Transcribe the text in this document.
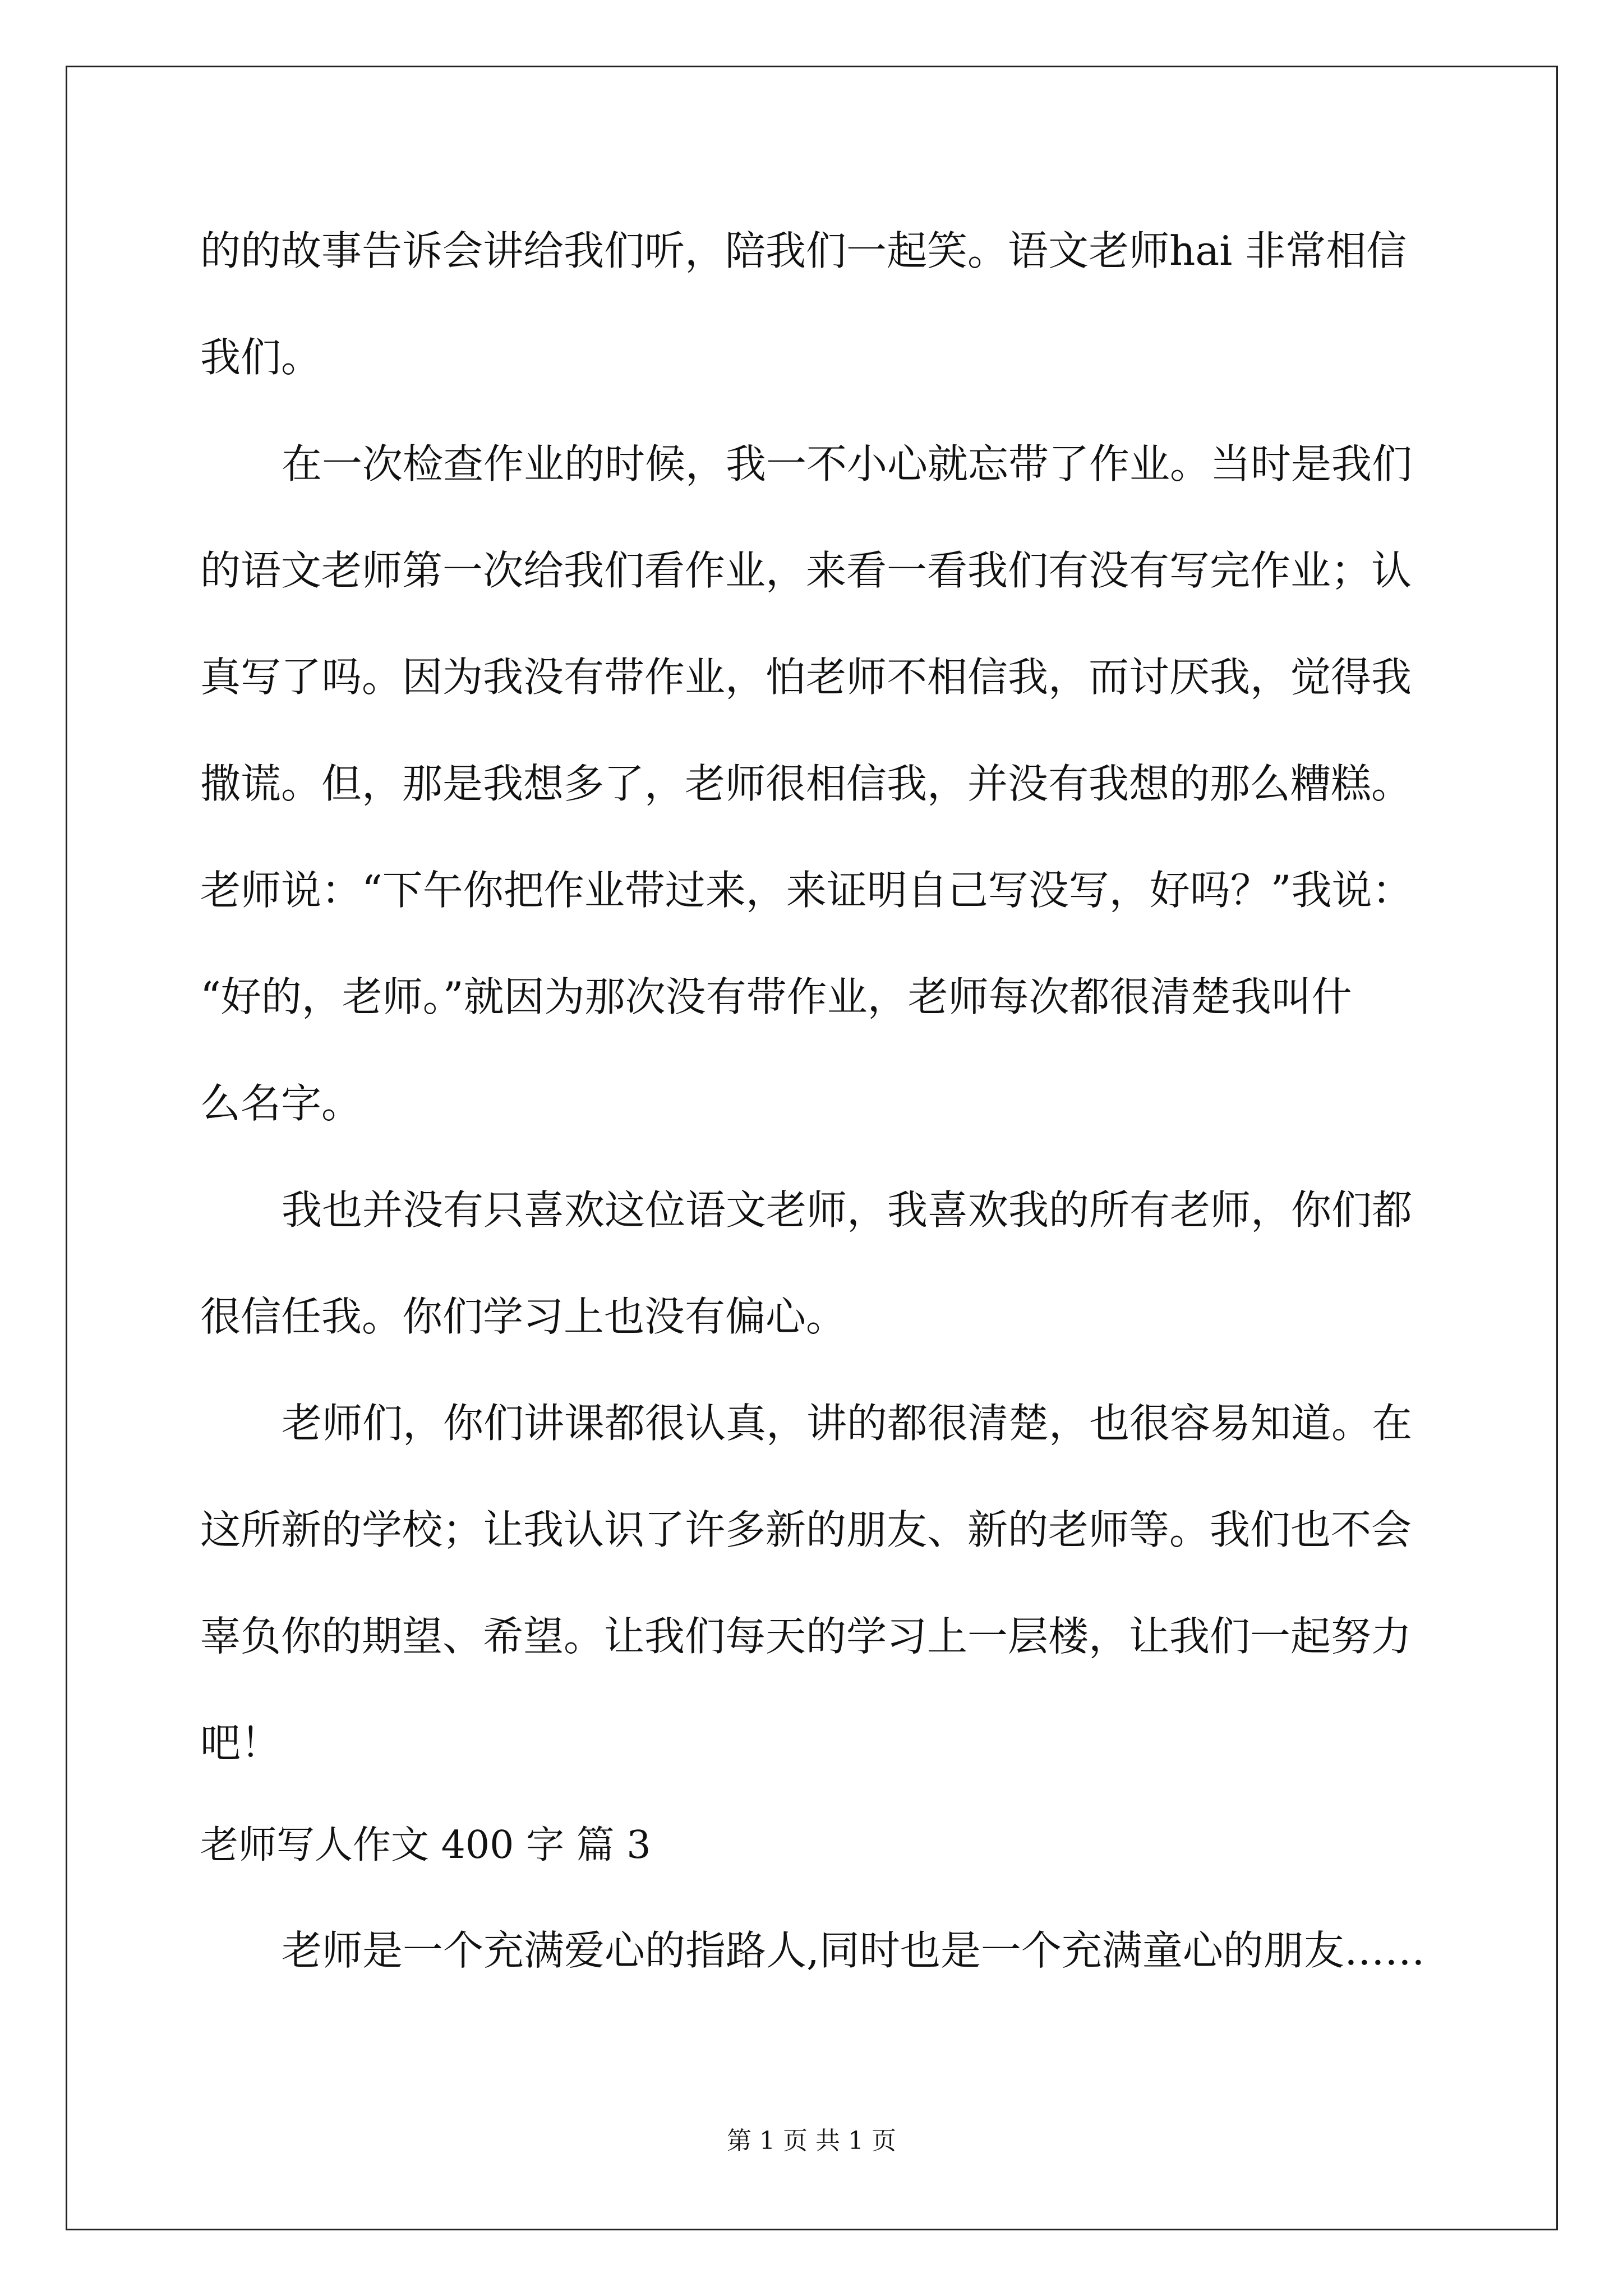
的的故事告诉会讲给我们听，陪我们一起笑。语文老师hai 非常相信
我们。
在一次检查作业的时候，我一不小心就忘带了作业。当时是我们
的语文老师第一次给我们看作业，来看一看我们有没有写完作业；认
真写了吗。因为我没有带作业，怕老师不相信我，而讨厌我，觉得我
撒谎。但，那是我想多了，老师很相信我，并没有我想的那么糟糕。
老师说：“下午你把作业带过来，来证明自己写没写，好吗？”我说：
“好的，老师。”就因为那次没有带作业，老师每次都很清楚我叫什
么名字。
我也并没有只喜欢这位语文老师，我喜欢我的所有老师，你们都
很信任我。你们学习上也没有偏心。
老师们，你们讲课都很认真，讲的都很清楚，也很容易知道。在
这所新的学校；让我认识了许多新的朋友、新的老师等。我们也不会
辜负你的期望、希望。让我们每天的学习上一层楼，让我们一起努力
吧！
老师写人作文 400 字 篇 3
老师是一个充满爱心的指路人,同时也是一个充满童心的朋友……
第 1 页 共 1 页
